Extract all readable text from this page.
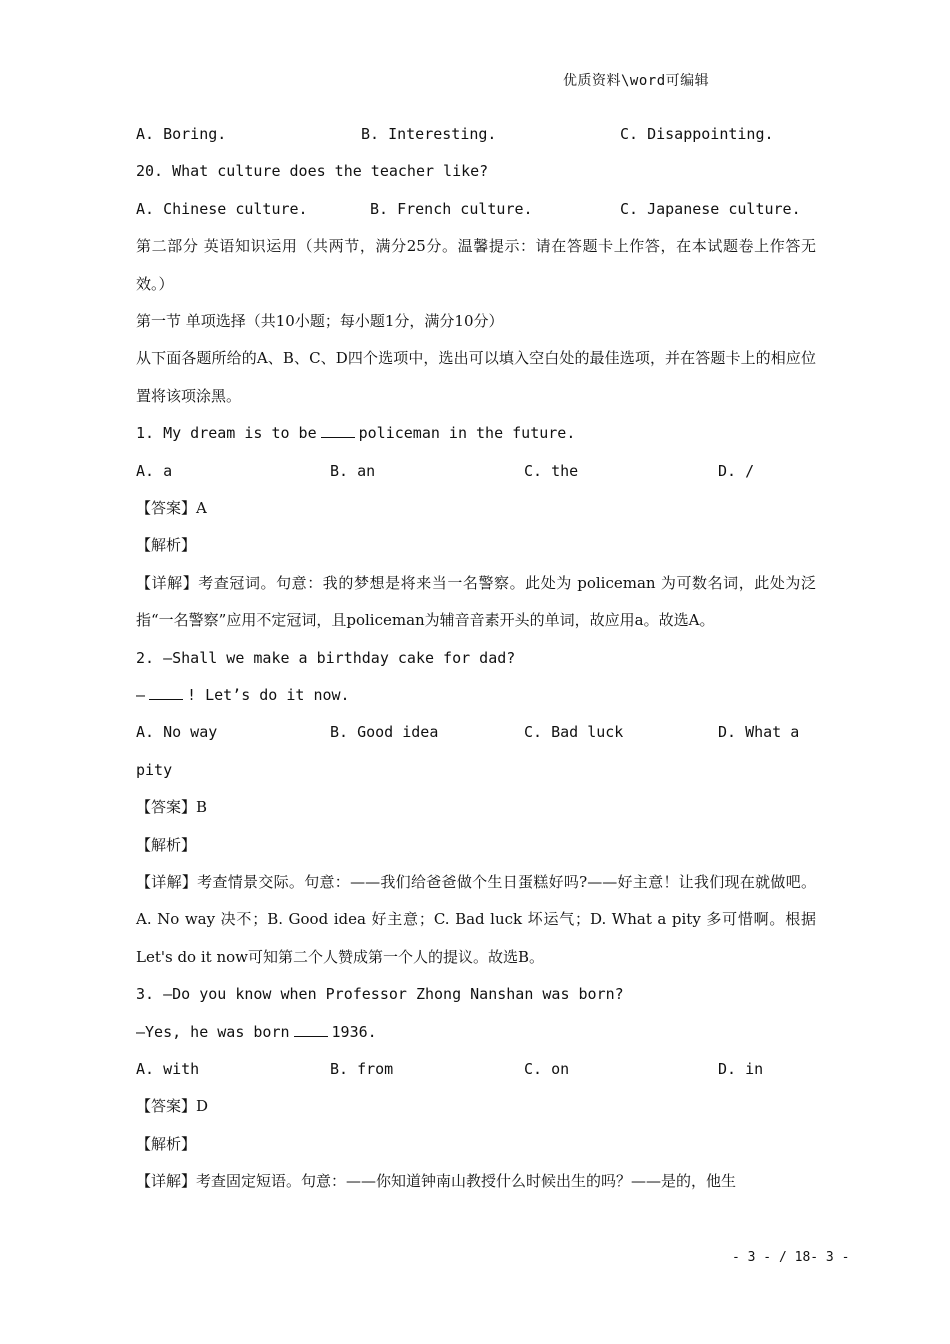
优质资料\word可编辑
A. Boring.	B. Interesting.	C. Disappointing.
20. What culture does the teacher like?
A. Chinese culture.	B. French culture.	C. Japanese culture.
第二部分 英语知识运用（共两节，满分25分。温馨提示：请在答题卡上作答，在本试题卷上作答无效。）
第一节 单项选择（共10小题；每小题1分，满分10分）
从下面各题所给的A、B、C、D四个选项中，选出可以填入空白处的最佳选项，并在答题卡上的相应位置将该项涂黑。
1. My dream is to be	policeman in the future.
A. a	B. an	C. the	D. /
【答案】A
【解析】
【详解】考查冠词。句意：我的梦想是将来当一名警察。此处为 policeman 为可数名词，此处为泛指“一名警察”应用不定冠词，且policeman为辅音音素开头的单词，故应用a。故选A。
2. —Shall we make a birthday cake for dad?
—	! Let’s do it now.
A. No way	B. Good idea	C. Bad luck	D. What a
pity
【答案】B
【解析】
【详解】考查情景交际。句意：——我们给爸爸做个生日蛋糕好吗?——好主意！让我们现在就做吧。A. No way 决不；B. Good idea 好主意；C. Bad luck 坏运气；D. What a pity 多可惜啊。根据Let's do it now可知第二个人赞成第一个人的提议。故选B。
3. —Do you know when Professor Zhong Nanshan was born?
—Yes, he was born	1936.
A. with	B. from	C. on	D. in
【答案】D
【解析】
【详解】考查固定短语。句意：——你知道钟南山教授什么时候出生的吗？——是的，他生
- 3 - / 18- 3 -
